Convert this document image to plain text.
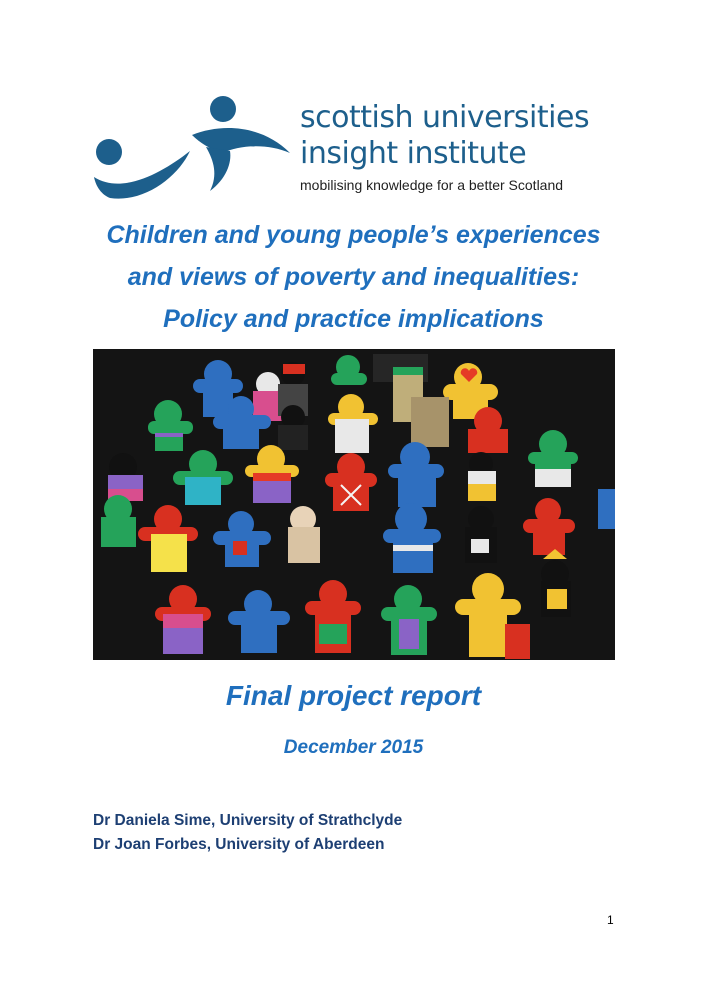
scottish universities
insight institute
mobilising knowledge for a better Scotland
Children and young people’s experiences
and views of poverty and inequalities:
Policy and practice implications
Final project report
December 2015
Dr Daniela Sime, University of Strathclyde
Dr Joan Forbes, University of Aberdeen
1
